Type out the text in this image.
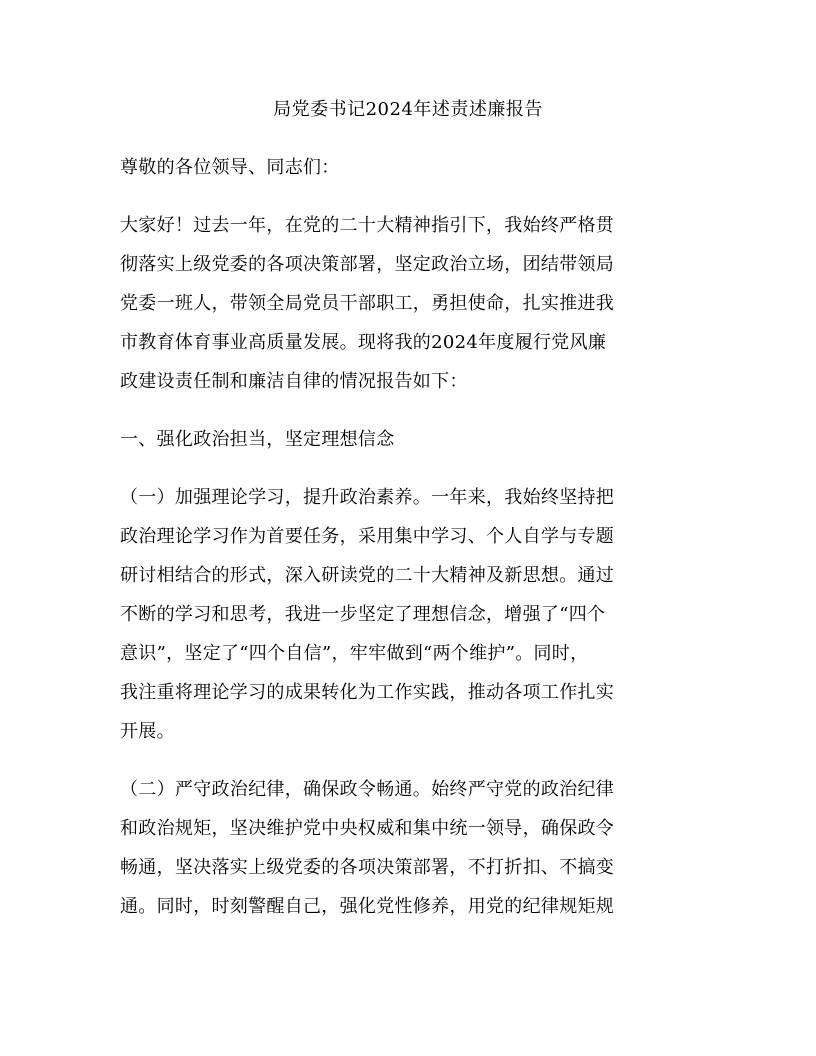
局党委书记2024年述责述廉报告
尊敬的各位领导、同志们：
大家好！过去一年，在党的二十大精神指引下，我始终严格贯
彻落实上级党委的各项决策部署，坚定政治立场，团结带领局
党委一班人，带领全局党员干部职工，勇担使命，扎实推进我
市教育体育事业高质量发展。现将我的2024年度履行党风廉
政建设责任制和廉洁自律的情况报告如下：
一、强化政治担当，坚定理想信念
（一）加强理论学习，提升政治素养。一年来，我始终坚持把
政治理论学习作为首要任务，采用集中学习、个人自学与专题
研讨相结合的形式，深入研读党的二十大精神及新思想。通过
不断的学习和思考，我进一步坚定了理想信念，增强了“四个
意识”，坚定了“四个自信”，牢牢做到“两个维护”。同时，
我注重将理论学习的成果转化为工作实践，推动各项工作扎实
开展。
（二）严守政治纪律，确保政令畅通。始终严守党的政治纪律
和政治规矩，坚决维护党中央权威和集中统一领导，确保政令
畅通，坚决落实上级党委的各项决策部署，不打折扣、不搞变
通。同时，时刻警醒自己，强化党性修养，用党的纪律规矩规
